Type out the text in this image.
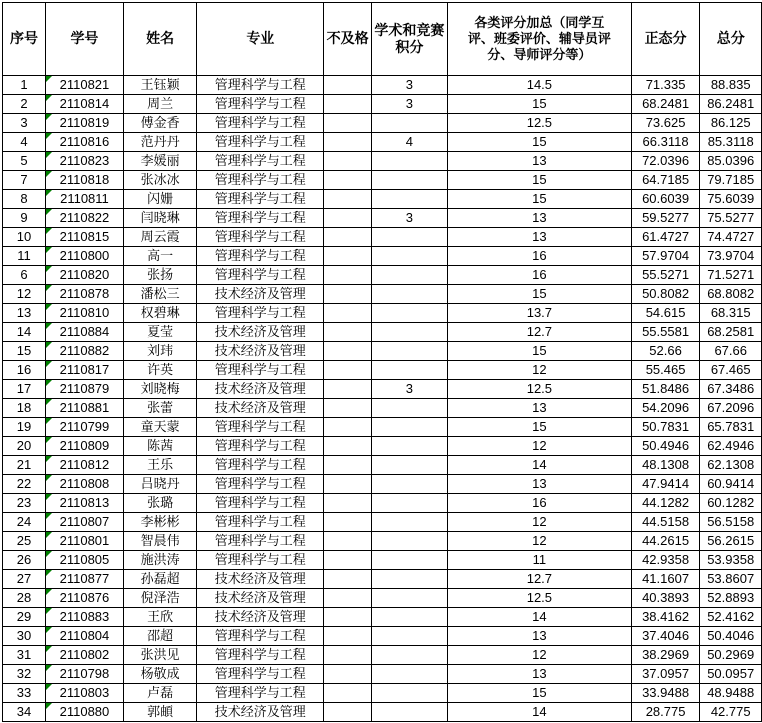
序号	学号	姓名	专业	不及格	学术和竞赛积分	各类评分加总（同学互评、班委评价、辅导员评分、导师评分等）	正态分	总分
1	2110821	王钰颖	管理科学与工程		3	14.5	71.335	88.835
2	2110814	周兰	管理科学与工程		3	15	68.2481	86.2481
3	2110819	傅金香	管理科学与工程			12.5	73.625	86.125
4	2110816	范丹丹	管理科学与工程		4	15	66.3118	85.3118
5	2110823	李媛丽	管理科学与工程			13	72.0396	85.0396
7	2110818	张冰冰	管理科学与工程			15	64.7185	79.7185
8	2110811	闪姗	管理科学与工程			15	60.6039	75.6039
9	2110822	闫晓琳	管理科学与工程		3	13	59.5277	75.5277
10	2110815	周云霞	管理科学与工程			13	61.4727	74.4727
11	2110800	高一	管理科学与工程			16	57.9704	73.9704
6	2110820	张扬	管理科学与工程			16	55.5271	71.5271
12	2110878	潘松三	技术经济及管理			15	50.8082	68.8082
13	2110810	权碧琳	管理科学与工程			13.7	54.615	68.315
14	2110884	夏莹	技术经济及管理			12.7	55.5581	68.2581
15	2110882	刘玮	技术经济及管理			15	52.66	67.66
16	2110817	许英	管理科学与工程			12	55.465	67.465
17	2110879	刘晓梅	技术经济及管理		3	12.5	51.8486	67.3486
18	2110881	张蕾	技术经济及管理			13	54.2096	67.2096
19	2110799	童天蒙	管理科学与工程			15	50.7831	65.7831
20	2110809	陈茜	管理科学与工程			12	50.4946	62.4946
21	2110812	王乐	管理科学与工程			14	48.1308	62.1308
22	2110808	吕晓丹	管理科学与工程			13	47.9414	60.9414
23	2110813	张璐	管理科学与工程			16	44.1282	60.1282
24	2110807	李彬彬	管理科学与工程			12	44.5158	56.5158
25	2110801	智晨伟	管理科学与工程			12	44.2615	56.2615
26	2110805	施洪涛	管理科学与工程			11	42.9358	53.9358
27	2110877	孙磊超	技术经济及管理			12.7	41.1607	53.8607
28	2110876	倪泽浩	技术经济及管理			12.5	40.3893	52.8893
29	2110883	王欣	技术经济及管理			14	38.4162	52.4162
30	2110804	邵超	管理科学与工程			13	37.4046	50.4046
31	2110802	张洪见	管理科学与工程			12	38.2969	50.2969
32	2110798	杨敬成	管理科学与工程			13	37.0957	50.0957
33	2110803	卢磊	管理科学与工程			15	33.9488	48.9488
34	2110880	郭頔	技术经济及管理			14	28.775	42.775
